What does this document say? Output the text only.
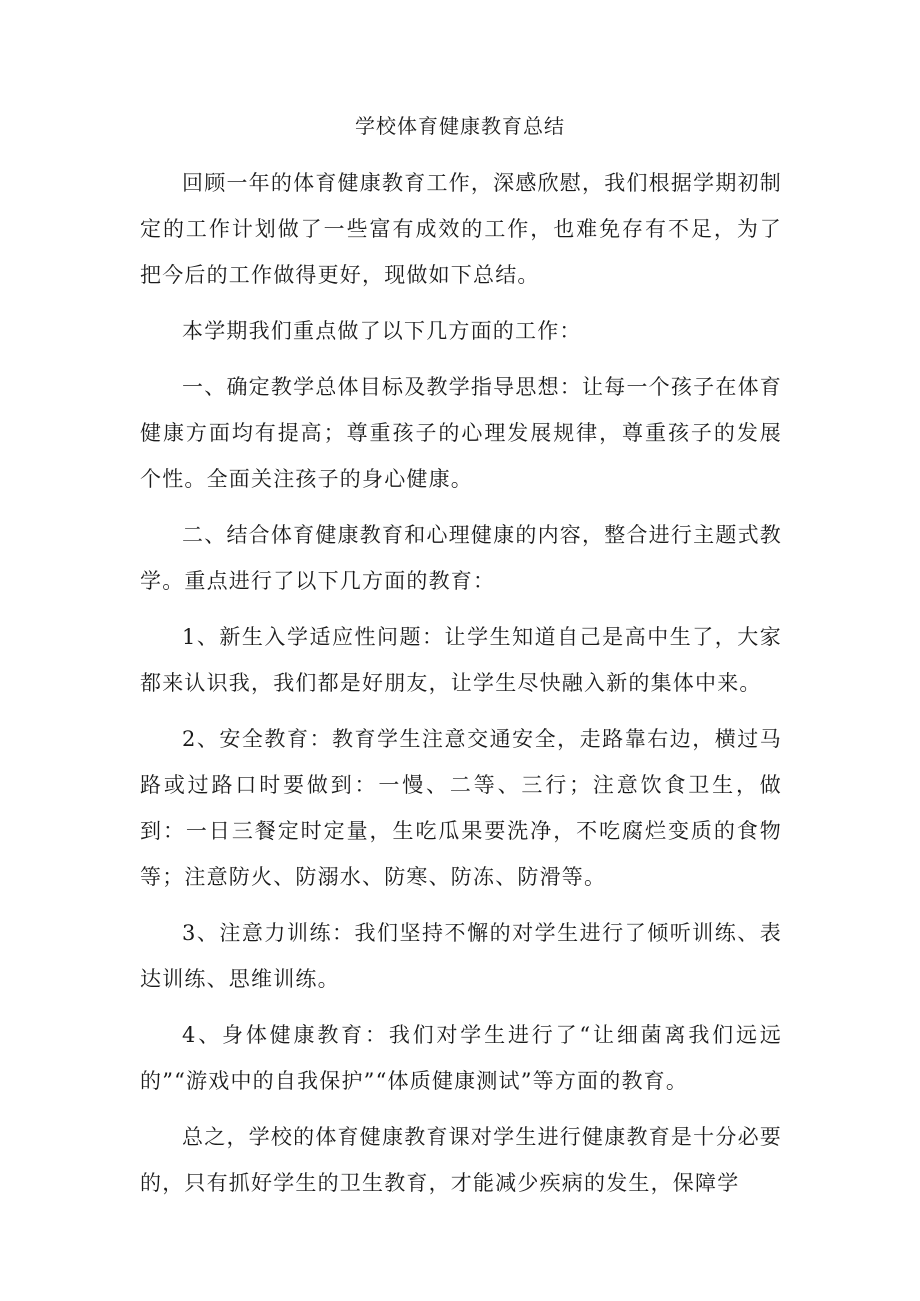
学校体育健康教育总结

回顾一年的体育健康教育工作，深感欣慰，我们根据学期初制定的工作计划做了一些富有成效的工作，也难免存有不足，为了把今后的工作做得更好，现做如下总结。

本学期我们重点做了以下几方面的工作：

一、确定教学总体目标及教学指导思想：让每一个孩子在体育健康方面均有提高；尊重孩子的心理发展规律，尊重孩子的发展个性。全面关注孩子的身心健康。

二、结合体育健康教育和心理健康的内容，整合进行主题式教学。重点进行了以下几方面的教育：

1、新生入学适应性问题：让学生知道自己是高中生了，大家都来认识我，我们都是好朋友，让学生尽快融入新的集体中来。

2、安全教育：教育学生注意交通安全，走路靠右边，横过马路或过路口时要做到：一慢、二等、三行；注意饮食卫生，做到：一日三餐定时定量，生吃瓜果要洗净，不吃腐烂变质的食物等；注意防火、防溺水、防寒、防冻、防滑等。

3、注意力训练：我们坚持不懈的对学生进行了倾听训练、表达训练、思维训练。

4、身体健康教育：我们对学生进行了“让细菌离我们远远的”“游戏中的自我保护”“体质健康测试”等方面的教育。

总之，学校的体育健康教育课对学生进行健康教育是十分必要的，只有抓好学生的卫生教育，才能减少疾病的发生，保障学
